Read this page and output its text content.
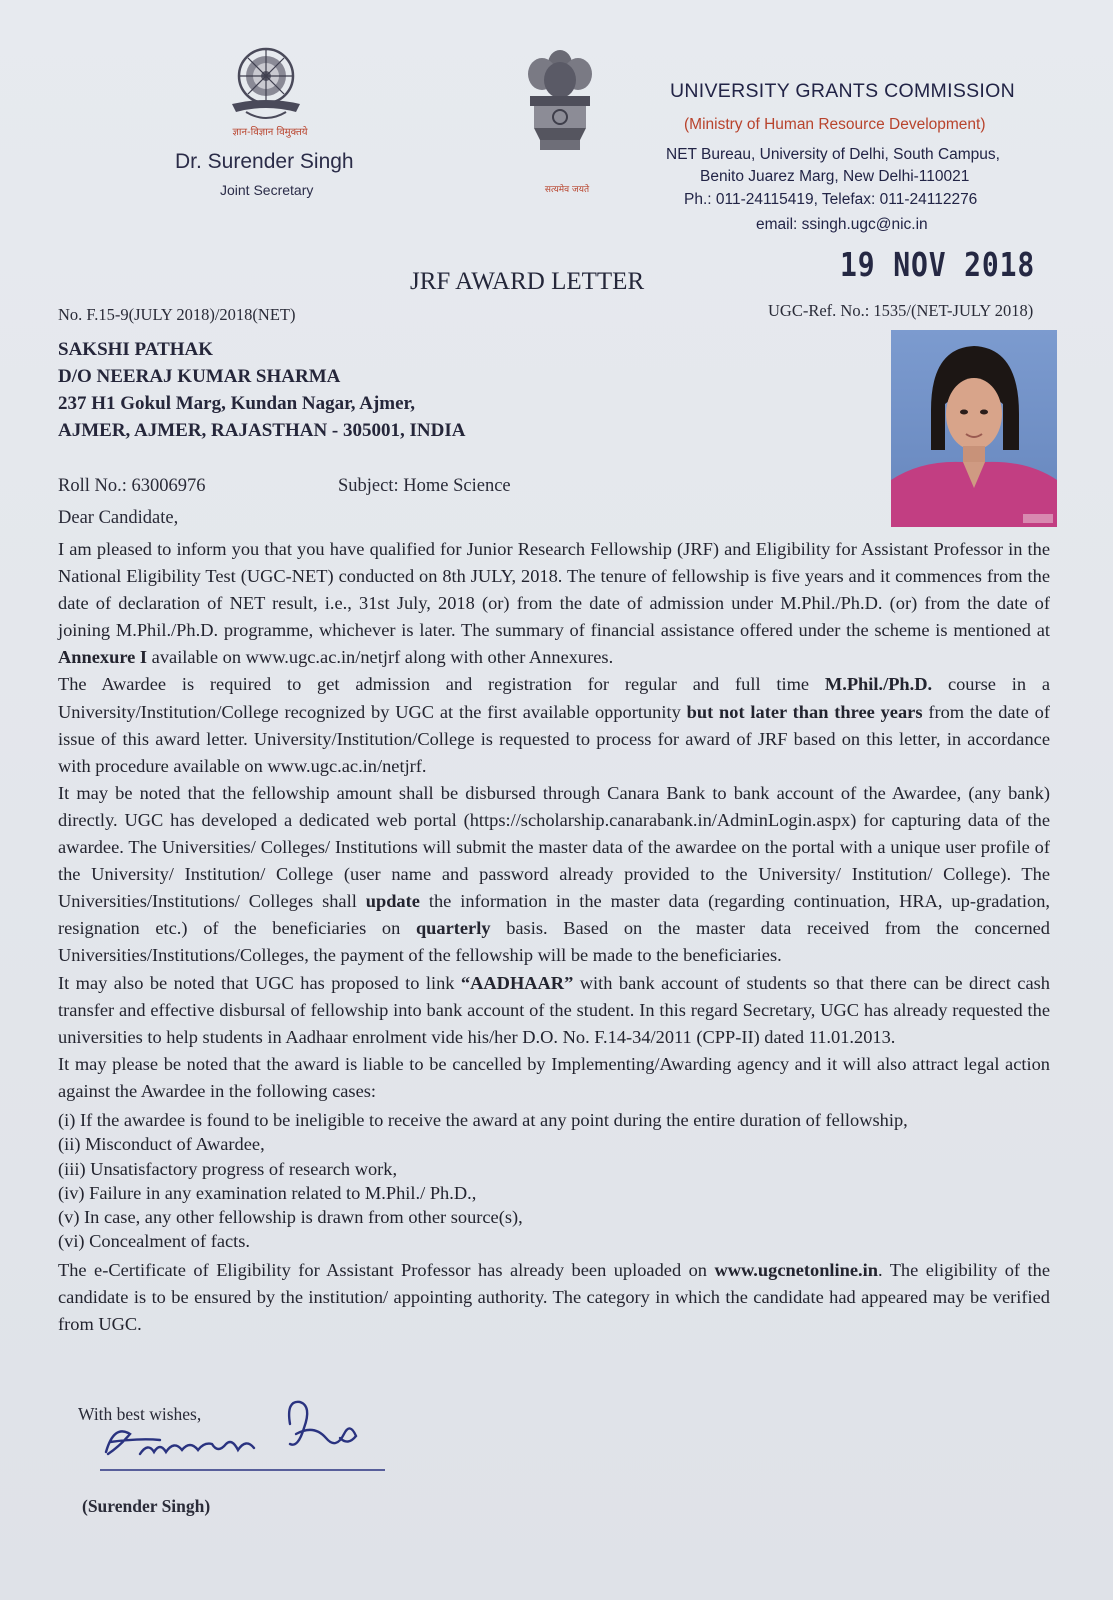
ज्ञान-विज्ञान विमुक्तये
Dr. Surender Singh
Joint Secretary	सत्यमेव जयते
UNIVERSITY GRANTS COMMISSION
(Ministry of Human Resource Development)
NET Bureau, University of Delhi, South Campus,
Benito Juarez Marg, New Delhi-110021
Ph.: 011-24115419, Telefax: 011-24112276
email: ssingh.ugc@nic.in
19 NOV 2018
JRF AWARD LETTER
No. F.15-9(JULY 2018)/2018(NET)	UGC-Ref. No.: 1535/(NET-JULY 2018)
SAKSHI PATHAK
D/O NEERAJ KUMAR SHARMA
237 H1 Gokul Marg, Kundan Nagar, Ajmer,
AJMER, AJMER, RAJASTHAN - 305001, INDIA
Roll No.: 63006976	Subject: Home Science
Dear Candidate,

I am pleased to inform you that you have qualified for Junior Research Fellowship (JRF) and Eligibility for Assistant Professor in the National Eligibility Test (UGC-NET) conducted on 8th JULY, 2018. The tenure of fellowship is five years and it commences from the date of declaration of NET result, i.e., 31st July, 2018 (or) from the date of admission under M.Phil./Ph.D. (or) from the date of joining M.Phil./Ph.D. programme, whichever is later. The summary of financial assistance offered under the scheme is mentioned at Annexure I available on www.ugc.ac.in/netjrf along with other Annexures.

The Awardee is required to get admission and registration for regular and full time M.Phil./Ph.D. course in a University/Institution/College recognized by UGC at the first available opportunity but not later than three years from the date of issue of this award letter. University/Institution/College is requested to process for award of JRF based on this letter, in accordance with procedure available on www.ugc.ac.in/netjrf.

It may be noted that the fellowship amount shall be disbursed through Canara Bank to bank account of the Awardee, (any bank) directly. UGC has developed a dedicated web portal (https://scholarship.canarabank.in/AdminLogin.aspx) for capturing data of the awardee. The Universities/ Colleges/ Institutions will submit the master data of the awardee on the portal with a unique user profile of the University/ Institution/ College (user name and password already provided to the University/ Institution/ College). The Universities/Institutions/ Colleges shall update the information in the master data (regarding continuation, HRA, up-gradation, resignation etc.) of the beneficiaries on quarterly basis. Based on the master data received from the concerned Universities/Institutions/Colleges, the payment of the fellowship will be made to the beneficiaries.

It may also be noted that UGC has proposed to link “AADHAAR” with bank account of students so that there can be direct cash transfer and effective disbursal of fellowship into bank account of the student. In this regard Secretary, UGC has already requested the universities to help students in Aadhaar enrolment vide his/her D.O. No. F.14-34/2011 (CPP-II) dated 11.01.2013.

It may please be noted that the award is liable to be cancelled by Implementing/Awarding agency and it will also attract legal action against the Awardee in the following cases:

(i) If the awardee is found to be ineligible to receive the award at any point during the entire duration of fellowship,
(ii) Misconduct of Awardee,
(iii) Unsatisfactory progress of research work,
(iv) Failure in any examination related to M.Phil./ Ph.D.,
(v) In case, any other fellowship is drawn from other source(s),
(vi) Concealment of facts.

The e-Certificate of Eligibility for Assistant Professor has already been uploaded on www.ugcnetonline.in. The eligibility of the candidate is to be ensured by the institution/ appointing authority. The category in which the candidate had appeared may be verified from UGC.

With best wishes,
(Surender Singh)
